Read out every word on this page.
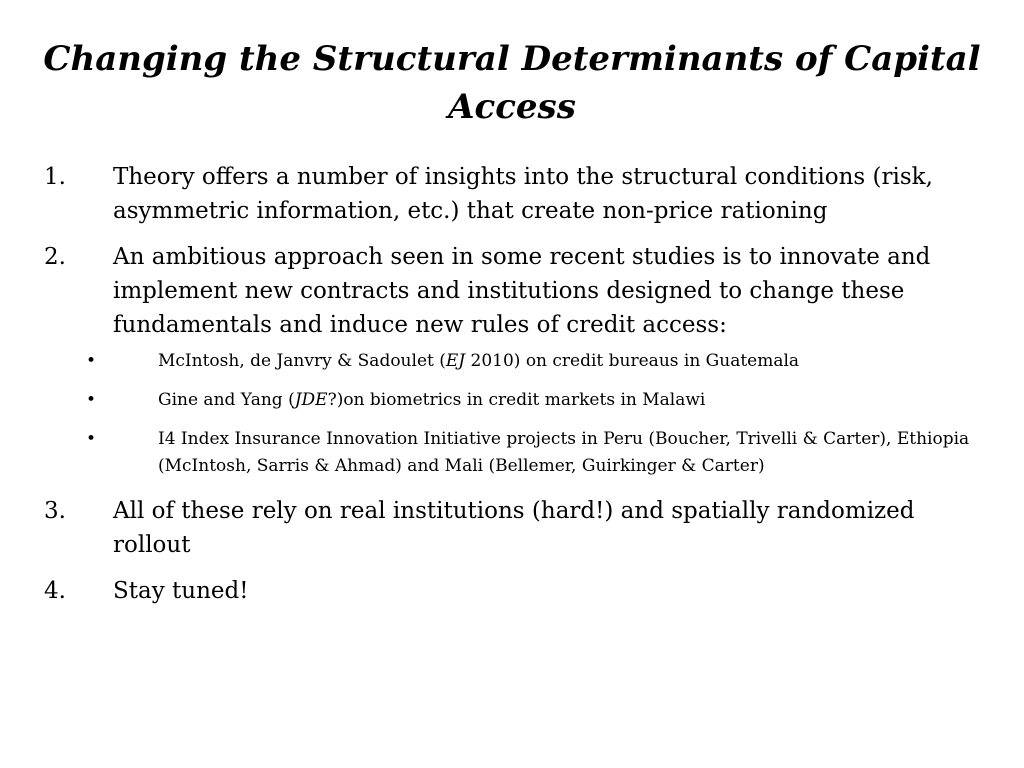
Changing the Structural Determinants of Capital Access
1. Theory offers a number of insights into the structural conditions (risk, asymmetric information, etc.) that create non-price rationing
2. An ambitious approach seen in some recent studies is to innovate and implement new contracts and institutions designed to change these fundamentals and induce new rules of credit access:
•	McIntosh, de Janvry & Sadoulet (EJ 2010) on credit bureaus in Guatemala
•	Gine and Yang (JDE?)on biometrics in credit markets in Malawi
•	I4 Index Insurance Innovation Initiative projects in Peru (Boucher, Trivelli & Carter), Ethiopia (McIntosh, Sarris & Ahmad) and Mali (Bellemer, Guirkinger & Carter)
3. All of these rely on real institutions (hard!) and spatially randomized rollout
4. Stay tuned!
